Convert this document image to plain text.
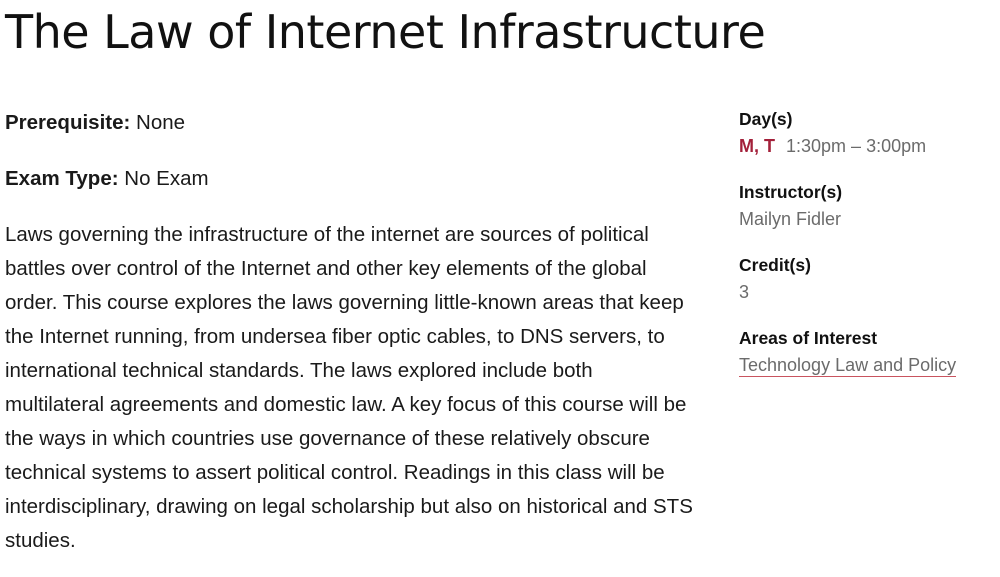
The Law of Internet Infrastructure

Prerequisite: None

Exam Type: No Exam

Laws governing the infrastructure of the internet are sources of political battles over control of the Internet and other key elements of the global order. This course explores the laws governing little-known areas that keep the Internet running, from undersea fiber optic cables, to DNS servers, to international technical standards. The laws explored include both multilateral agreements and domestic law. A key focus of this course will be the ways in which countries use governance of these relatively obscure technical systems to assert political control. Readings in this class will be interdisciplinary, drawing on legal scholarship but also on historical and STS studies.

Day(s)
M, T 1:30pm – 3:00pm
Instructor(s)
Mailyn Fidler
Credit(s)
3
Areas of Interest
Technology Law and Policy
